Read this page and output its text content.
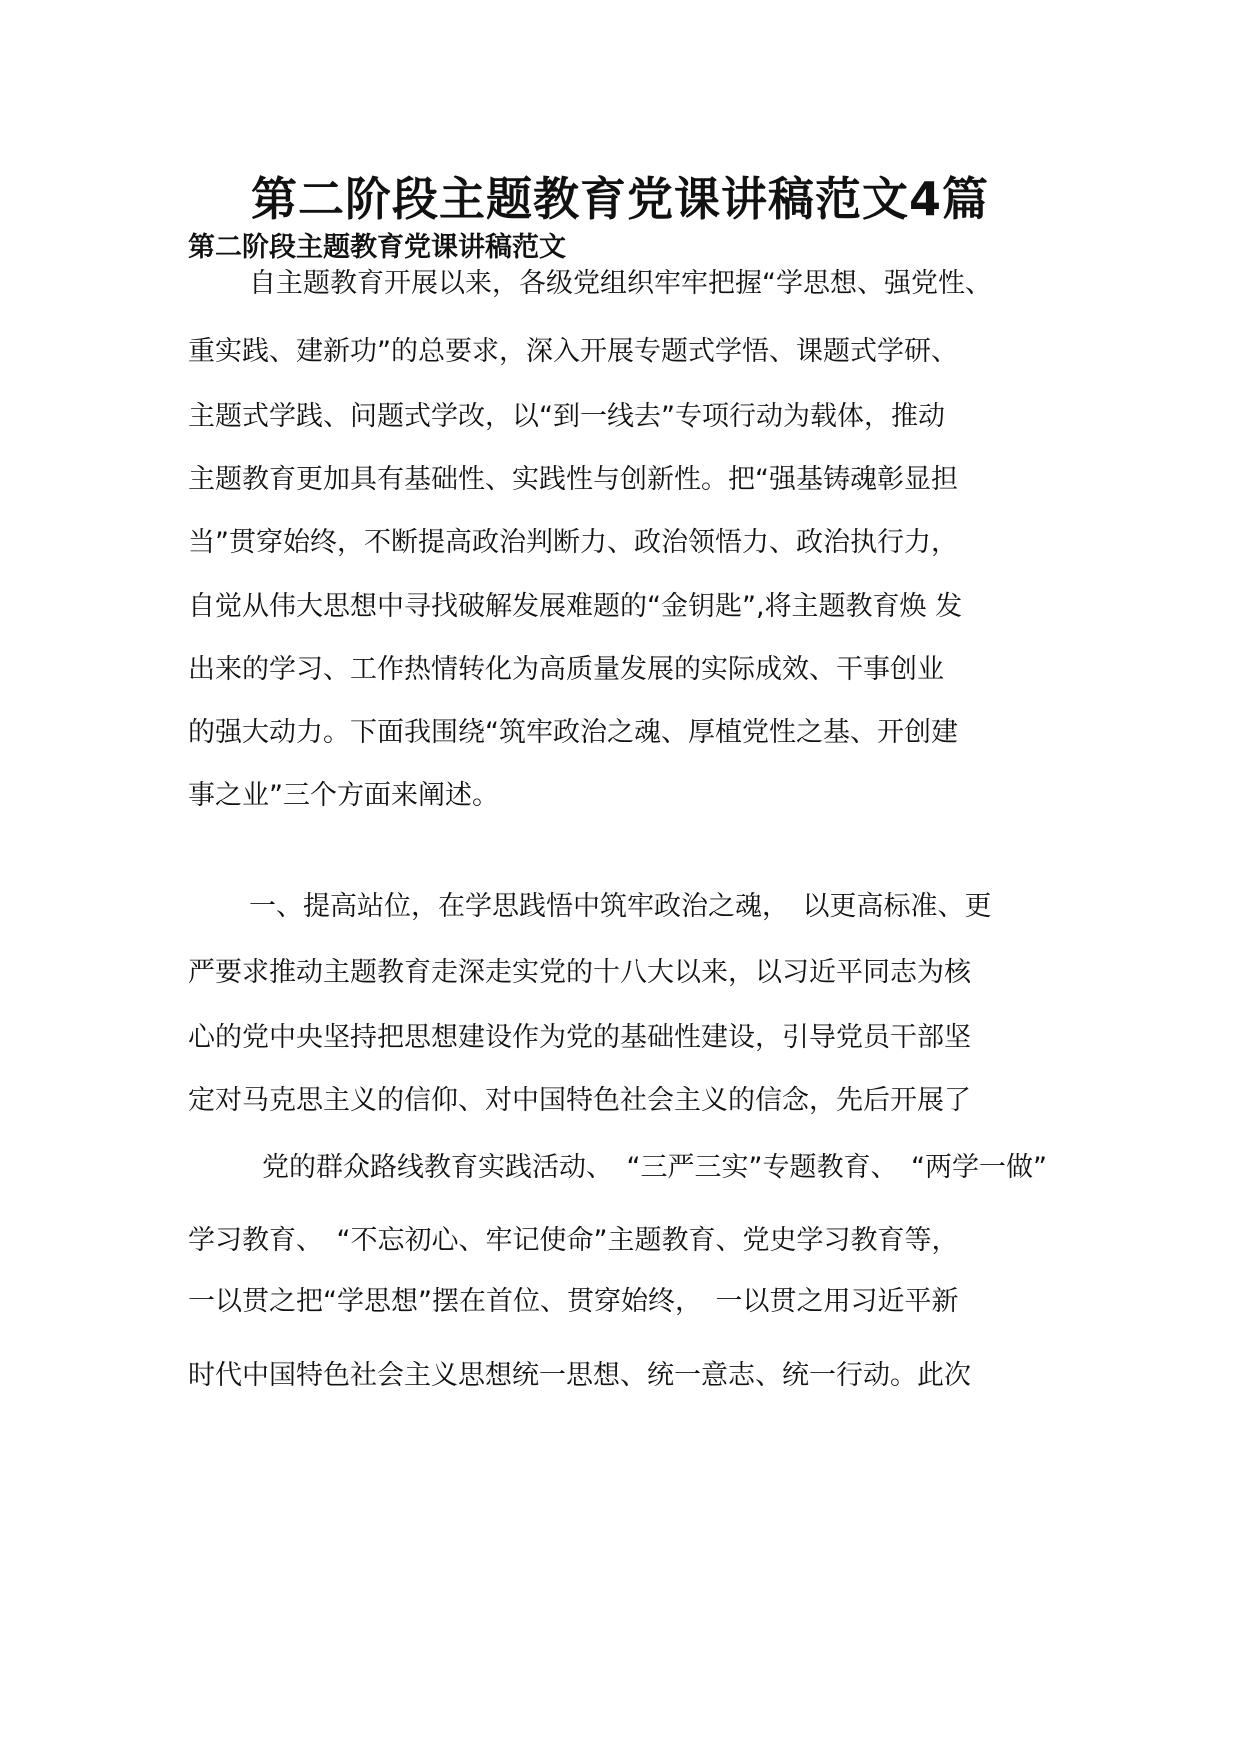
第二阶段主题教育党课讲稿范文4篇
第二阶段主题教育党课讲稿范文
自主题教育开展以来，各级党组织牢牢把握“学思想、强党性、
重实践、建新功”的总要求，深入开展专题式学悟、课题式学研、
主题式学践、问题式学改，以“到一线去”专项行动为载体，推动
主题教育更加具有基础性、实践性与创新性。把“强基铸魂彰显担
当”贯穿始终，不断提高政治判断力、政治领悟力、政治执行力，
自觉从伟大思想中寻找破解发展难题的“金钥匙”,将主题教育焕 发
出来的学习、工作热情转化为高质量发展的实际成效、干事创业
的强大动力。下面我围绕“筑牢政治之魂、厚植党性之基、开创建
事之业”三个方面来阐述。
一、提高站位，在学思践悟中筑牢政治之魂，　以更高标准、更
严要求推动主题教育走深走实党的十八大以来，以习近平同志为核
心的党中央坚持把思想建设作为党的基础性建设，引导党员干部坚
定对马克思主义的信仰、对中国特色社会主义的信念，先后开展了
党的群众路线教育实践活动、　“三严三实”专题教育、　“两学一做”
学习教育、　“不忘初心、牢记使命”主题教育、党史学习教育等，
一以贯之把“学思想”摆在首位、贯穿始终，　一以贯之用习近平新
时代中国特色社会主义思想统一思想、统一意志、统一行动。此次
